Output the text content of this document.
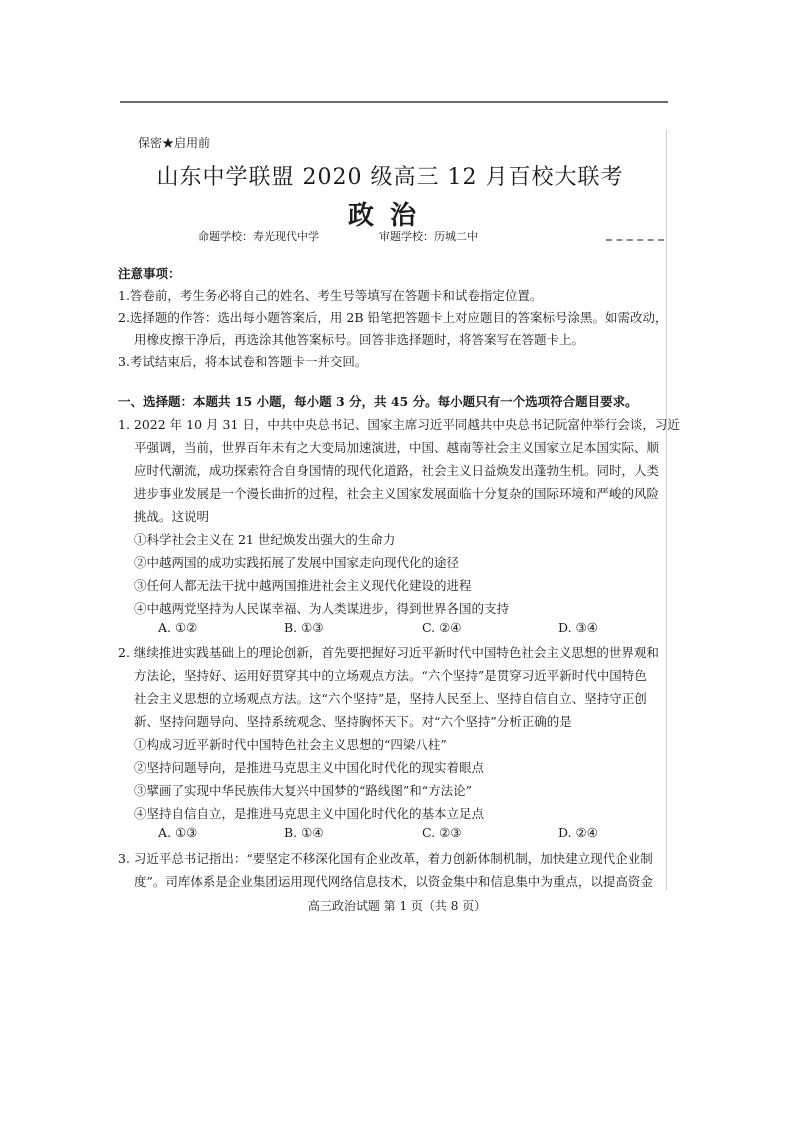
保密★启用前
山东中学联盟 2020 级高三 12 月百校大联考
政治
命题学校：寿光现代中学	审题学校：历城二中
注意事项：
1.答卷前，考生务必将自己的姓名、考生号等填写在答题卡和试卷指定位置。
2.选择题的作答：选出每小题答案后，用 2B 铅笔把答题卡上对应题目的答案标号涂黑。如需改动，
用橡皮擦干净后，再选涂其他答案标号。回答非选择题时，将答案写在答题卡上。
3.考试结束后，将本试卷和答题卡一并交回。
一、选择题：本题共 15 小题，每小题 3 分，共 45 分。每小题只有一个选项符合题目要求。
1. 2022 年 10 月 31 日，中共中央总书记、国家主席习近平同越共中央总书记阮富仲举行会谈，习近
平强调，当前，世界百年未有之大变局加速演进，中国、越南等社会主义国家立足本国实际、顺
应时代潮流，成功探索符合自身国情的现代化道路，社会主义日益焕发出蓬勃生机。同时，人类
进步事业发展是一个漫长曲折的过程，社会主义国家发展面临十分复杂的国际环境和严峻的风险
挑战。这说明
①科学社会主义在 21 世纪焕发出强大的生命力
②中越两国的成功实践拓展了发展中国家走向现代化的途径
③任何人都无法干扰中越两国推进社会主义现代化建设的进程
④中越两党坚持为人民谋幸福、为人类谋进步，得到世界各国的支持
A. ①②	B. ①③	C. ②④	D. ③④
2. 继续推进实践基础上的理论创新，首先要把握好习近平新时代中国特色社会主义思想的世界观和
方法论，坚持好、运用好贯穿其中的立场观点方法。“六个坚持”是贯穿习近平新时代中国特色
社会主义思想的立场观点方法。这“六个坚持”是，坚持人民至上、坚持自信自立、坚持守正创
新、坚持问题导向、坚持系统观念、坚持胸怀天下。对“六个坚持”分析正确的是
①构成习近平新时代中国特色社会主义思想的“四梁八柱”
②坚持问题导向，是推进马克思主义中国化时代化的现实着眼点
③擘画了实现中华民族伟大复兴中国梦的“路线图”和“方法论”
④坚持自信自立，是推进马克思主义中国化时代化的基本立足点
A. ①③	B. ①④	C. ②③	D. ②④
3. 习近平总书记指出：“要坚定不移深化国有企业改革，着力创新体制机制，加快建立现代企业制
度”。司库体系是企业集团运用现代网络信息技术，以资金集中和信息集中为重点，以提高资金
高三政治试题 第 1 页（共 8 页）
